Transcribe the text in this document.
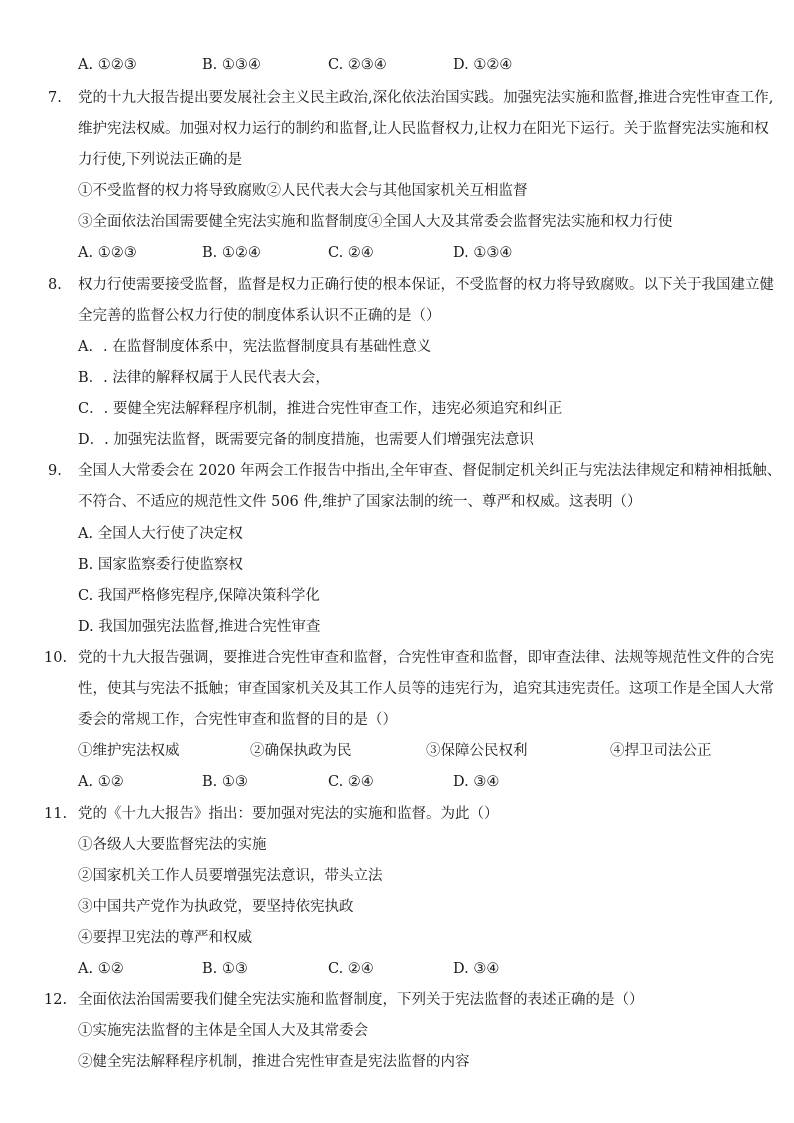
A. ①②③	B. ①③④	C. ②③④	D. ①②④
7.	党的十九大报告提出要发展社会主义民主政治,深化依法治国实践。加强宪法实施和监督,推进合宪性审查工作,
维护宪法权威。加强对权力运行的制约和监督,让人民监督权力,让权力在阳光下运行。关于监督宪法实施和权
力行使,下列说法正确的是
①不受监督的权力将导致腐败②人民代表大会与其他国家机关互相监督
③全面依法治国需要健全宪法实施和监督制度④全国人大及其常委会监督宪法实施和权力行使
A. ①②③	B. ①②④	C. ②④	D. ①③④
8.	权力行使需要接受监督，监督是权力正确行使的根本保证，不受监督的权力将导致腐败。以下关于我国建立健
全完善的监督公权力行使的制度体系认识不正确的是（）
A．. 在监督制度体系中，宪法监督制度具有基础性意义
B．. 法律的解释权属于人民代表大会，
C．. 要健全宪法解释程序机制，推进合宪性审查工作，违宪必须追究和纠正
D．. 加强宪法监督，既需要完备的制度措施，也需要人们增强宪法意识
9.	全国人大常委会在 2020 年两会工作报告中指出,全年审查、督促制定机关纠正与宪法法律规定和精神相抵触、
不符合、不适应的规范性文件 506 件,维护了国家法制的统一、尊严和权威。这表明（）
A. 全国人大行使了决定权
B. 国家监察委行使监察权
C. 我国严格修宪程序,保障决策科学化
D. 我国加强宪法监督,推进合宪性审查
10. 党的十九大报告强调，要推进合宪性审查和监督，合宪性审查和监督，即审查法律、法规等规范性文件的合宪
性，使其与宪法不抵触；审查国家机关及其工作人员等的违宪行为，追究其违宪责任。这项工作是全国人大常
委会的常规工作，合宪性审查和监督的目的是（）
①维护宪法权威	②确保执政为民	③保障公民权利	④捍卫司法公正
A. ①②	B. ①③	C. ②④	D. ③④
11. 党的《十九大报告》指出：要加强对宪法的实施和监督。为此（）
①各级人大要监督宪法的实施
②国家机关工作人员要增强宪法意识，带头立法
③中国共产党作为执政党，要坚持依宪执政
④要捍卫宪法的尊严和权威
A. ①②	B. ①③	C. ②④	D. ③④
12. 全面依法治国需要我们健全宪法实施和监督制度，下列关于宪法监督的表述正确的是（）
①实施宪法监督的主体是全国人大及其常委会
②健全宪法解释程序机制，推进合宪性审查是宪法监督的内容
